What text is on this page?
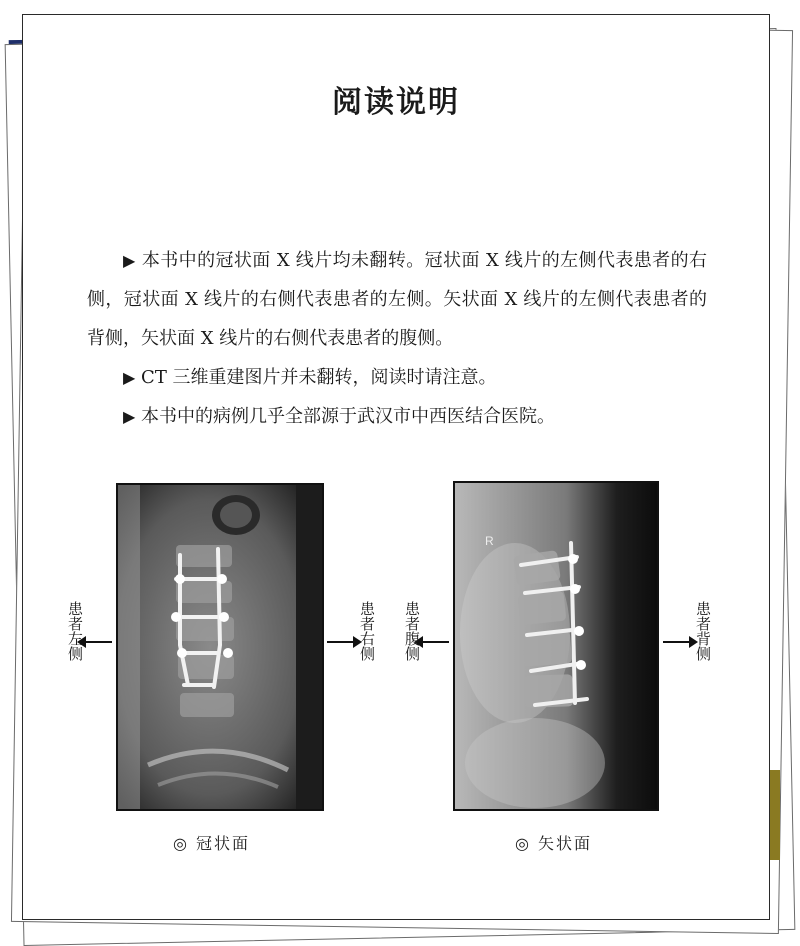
阅读说明

▶ 本书中的冠状面 X 线片均未翻转。冠状面 X 线片的左侧代表患者的右侧，冠状面 X 线片的右侧代表患者的左侧。矢状面 X 线片的左侧代表患者的背侧，矢状面 X 线片的右侧代表患者的腹侧。

▶ CT 三维重建图片并未翻转，阅读时请注意。

▶ 本书中的病例几乎全部源于武汉市中西医结合医院。

患者左侧	患者右侧
◎ 冠状面
R
患者腹侧	患者背侧
◎ 矢状面
